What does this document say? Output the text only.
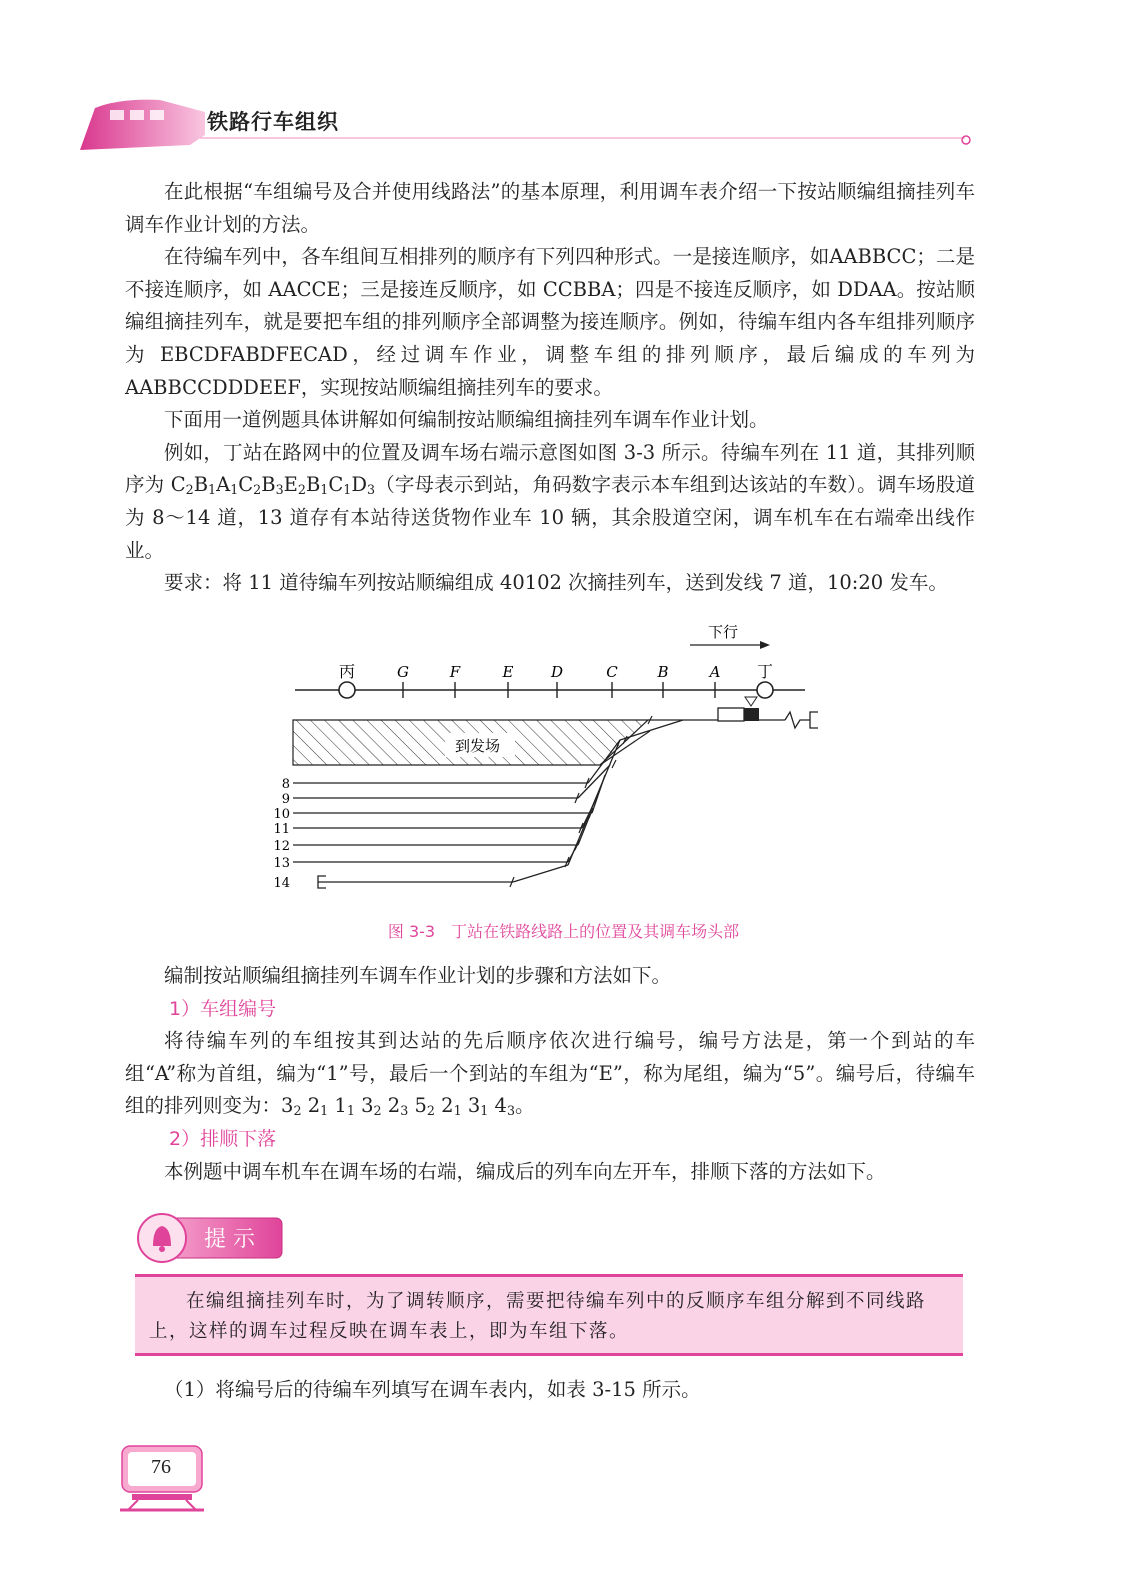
铁路行车组织

在此根据“车组编号及合并使用线路法”的基本原理，利用调车表介绍一下按站顺编组摘挂列车调车作业计划的方法。

在待编车列中，各车组间互相排列的顺序有下列四种形式。一是接连顺序，如AABBCC；二是不接连顺序，如 AACCE；三是接连反顺序，如 CCBBA；四是不接连反顺序，如 DDAA。按站顺编组摘挂列车，就是要把车组的排列顺序全部调整为接连顺序。例如，待编车组内各车组排列顺序为 EBCDFABDFECAD，经过调车作业，调整车组的排列顺序，最后编成的车列为 AABBCCDDDEEF，实现按站顺编组摘挂列车的要求。

下面用一道例题具体讲解如何编制按站顺编组摘挂列车调车作业计划。

例如，丁站在路网中的位置及调车场右端示意图如图 3-3 所示。待编车列在 11 道，其排列顺序为 $C_2B_1A_1C_2B_3E_2B_1C_1D_3$（字母表示到站，角码数字表示本车组到达该站的车数）。调车场股道为 8～14 道，13 道存有本站待送货物作业车 10 辆，其余股道空闲，调车机车在右端牵出线作业。

要求：将 11 道待编车列按站顺编组成 40102 次摘挂列车，送到发线 7 道，10:20 发车。

下行
丙	G	F	E	D	C	B	A 丁
到发场
8
9
10
11
12
13
14
图 3-3　丁站在铁路线路上的位置及其调车场头部

编制按站顺编组摘挂列车调车作业计划的步骤和方法如下。

1）车组编号

将待编车列的车组按其到达站的先后顺序依次进行编号，编号方法是，第一个到站的车组“A”称为首组，编为“1”号，最后一个到站的车组为“E”，称为尾组，编为“5”。编号后，待编车组的排列则变为：$3_2$ $2_1$ $1_1$ $3_2$ $2_3$ $5_2$ $2_1$ $3_1$ $4_3$。

2）排顺下落

本例题中调车机车在调车场的右端，编成后的列车向左开车，排顺下落的方法如下。

提 示

在编组摘挂列车时，为了调转顺序，需要把待编车列中的反顺序车组分解到不同线路上，这样的调车过程反映在调车表上，即为车组下落。

（1）将编号后的待编车列填写在调车表内，如表 3-15 所示。

76
